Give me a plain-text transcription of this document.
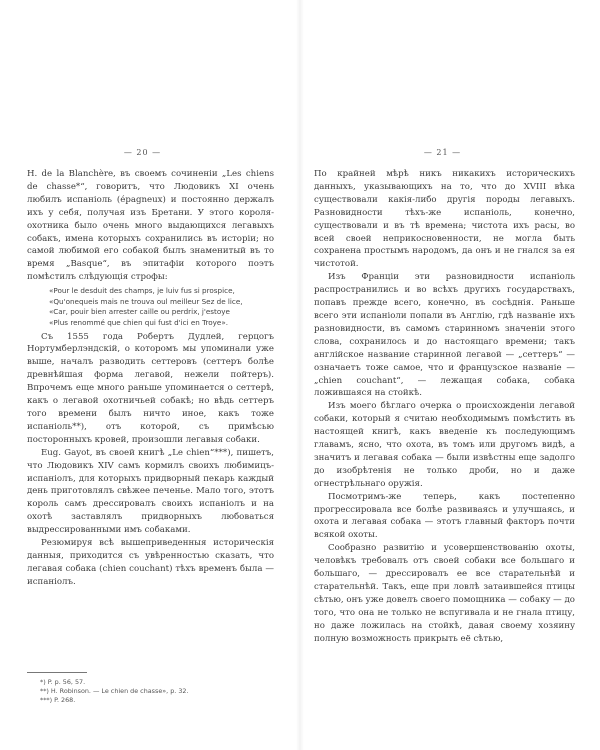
— 20 —

H. de la Blanchère, въ своемъ сочиненіи „Les chiens de chasse*“, говоритъ, что Людовикъ XI очень любилъ испаніоль (épagneux) и постоянно держалъ ихъ у себя, получая изъ Бретани. У этого короля-охотника было очень много выдающихся легавыхъ собакъ, имена которыхъ сохранились въ исторіи; но самой любимой его собакой былъ знаменитый въ то время „Basque“, въ эпитафіи которого поэтъ помѣстилъ слѣдующія строфы:

«Pour le desduit des champs, je luiv fus si prospice,
«Qu'onequeis mais ne trouva oul meilleur Sez de lice,
«Car, pouir bien arrester caille ou perdrix, j'estoye
«Plus renommé que chien qui fust d'ici en Troye».

Съ 1555 года Робертъ Дудлей, герцогъ Нортумберлэндскій, о которомъ мы упоминали уже выше, началъ разводить сеттеровъ (сеттеръ болѣе древнѣйшая форма легавой, нежели пойтеръ). Впрочемъ еще много раньше упоминается о сеттерѣ, какъ о легавой охотничьей собакѣ; но вѣдь сеттеръ того времени былъ ничто иное, какъ тоже испаніоль**), отъ которой, съ примѣсью посторонныхъ кровей, произошли легавыя собаки.

Eug. Gayot, въ своей книгѣ „Le chien“***), пишетъ, что Людовикъ XIV самъ кормилъ своихъ любимицъ-испаніолъ, для которыхъ придворный пекарь каждый день приготовлялъ свѣжее печенье. Мало того, этотъ король самъ дрессировалъ своихъ испаніолъ и на охотѣ заставлялъ придворныхъ любоваться выдрессированными имъ собаками.

Резюмируя всѣ вышеприведенныя историческія данныя, приходится съ увѣренностью сказать, что легавая собака (chien couchant) тѣхъ временъ была — испаніолъ.

*) P. р. 56, 57.
**) H. Robinson. — Le chien de chasse», p. 32.
***) P. 268.
— 21 —

По крайней мѣрѣ никъ никакихъ историческихъ данныхъ, указывающихъ на то, что до XVIII вѣка существовали какія-либо другія породы легавыхъ. Разновидности тѣхъ-же испаніоль, конечно, существовали и въ тѣ времена; чистота ихъ расы, во всей своей неприкосновенности, не могла быть сохранена простымъ народомъ, да онъ и не гнался за ея чистотой.

Изъ Франціи эти разновидности испаніоль распространились и во всѣхъ другихъ государствахъ, попавъ прежде всего, конечно, въ сосѣднія. Раньше всего эти испаніоли попали въ Англію, гдѣ названіе ихъ разновидности, въ самомъ старинномъ значеніи этого слова, сохранилось и до настоящаго времени; такъ англійское название старинной легавой — „сеттеръ“ — означаетъ тоже самое, что и французское названіе — „chien couchant“, — лежащая собака, собака ложившаяся на стойкѣ.

Изъ моего бѣглаго очерка о происхожденіи легавой собаки, который я считаю необходимымъ помѣстить въ настоящей книгѣ, какъ введеніе къ последующимъ главамъ, ясно, что охота, въ томъ или другомъ видѣ, а значитъ и легавая собака — были извѣстны еще задолго до изобрѣтенія не только дроби, но и даже огнестрѣльнаго оружія.

Посмотримъ-же теперь, какъ постепенно прогрессировала все болѣе развиваясь и улучшаясь, и охота и легавая собака — этотъ главный факторъ почти всякой охоты.

Сообразно развитію и усовершенствованію охоты, человѣкъ требовалъ отъ своей собаки все большаго и большаго, — дрессировалъ ее все старательнѣй и старательнѣй. Такъ, еще при ловлѣ затаившейся птицы сѣтью, онъ уже довелъ своего помощника — собаку — до того, что она не только не вспугивала и не гнала птицу, но даже ложилась на стойкѣ, давая своему хозяину полную возможность прикрыть её сѣтью,
